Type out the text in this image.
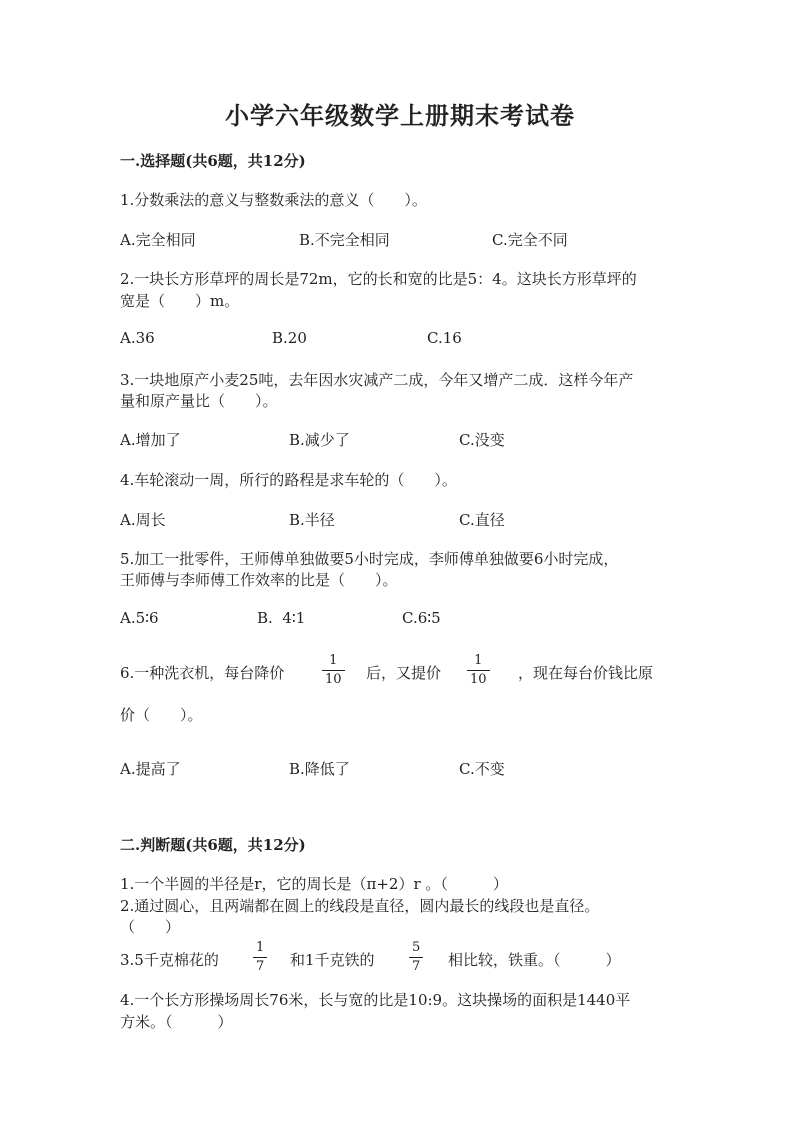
小学六年级数学上册期末考试卷
一.选择题(共6题，共12分)
1.分数乘法的意义与整数乘法的意义（　　）。
A.完全相同	B.不完全相同	C.完全不同
2.一块长方形草坪的周长是72m，它的长和宽的比是5：4。这块长方形草坪的
宽是（　　）m。
A.36	B.20	C.16
3.一块地原产小麦25吨，去年因水灾减产二成，今年又增产二成．这样今年产
量和原产量比（　　）。
A.增加了	B.减少了	C.没变
4.车轮滚动一周，所行的路程是求车轮的（　　）。
A.周长	B.半径	C.直径
5.加工一批零件，王师傅单独做要5小时完成，李师傅单独做要6小时完成，
王师傅与李师傅工作效率的比是（　　）。
A.5∶6	B.  4∶1	C.6∶5
6.一种洗衣机，每台降价
1
10 后，又提价
1
10 ，现在每台价钱比原
价（　　）。
A.提高了	B.降低了	C.不变
二.判断题(共6题，共12分)
1.一个半圆的半径是r，它的周长是（π+2）r 。（　　　）
2.通过圆心，且两端都在圆上的线段是直径，圆内最长的线段也是直径。
（　　）
3.5千克棉花的
1
7 和1千克铁的
5
7 相比较，铁重。（　　　）
4.一个长方形操场周长76米，长与宽的比是10:9。这块操场的面积是1440平
方米。（　　　）
